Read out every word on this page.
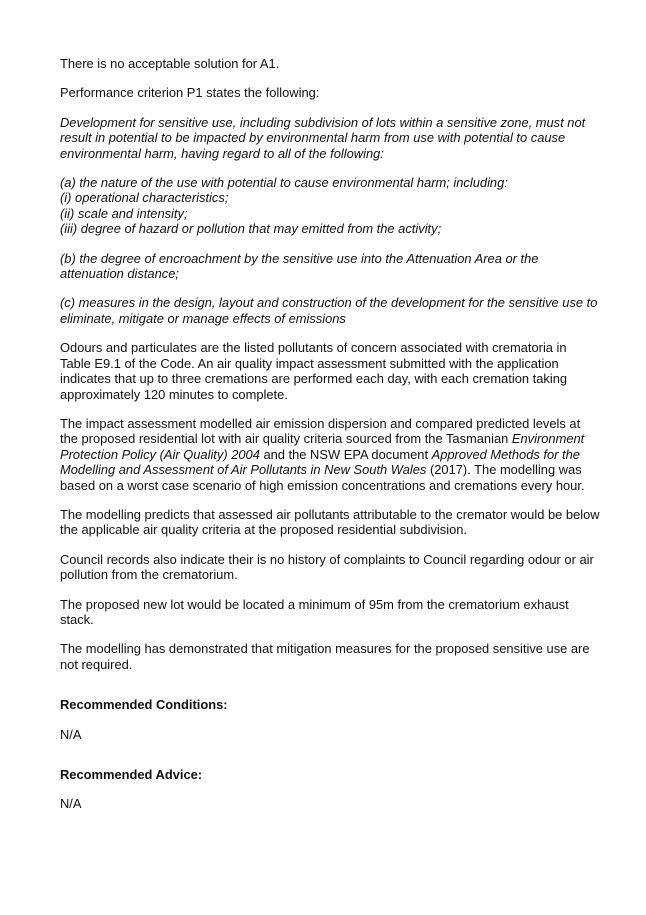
There is no acceptable solution for A1.

Performance criterion P1 states the following:

Development for sensitive use, including subdivision of lots within a sensitive zone, must not result in potential to be impacted by environmental harm from use with potential to cause environmental harm, having regard to all of the following:

(a) the nature of the use with potential to cause environmental harm; including:
(i) operational characteristics;
(ii) scale and intensity;
(iii) degree of hazard or pollution that may emitted from the activity;

(b) the degree of encroachment by the sensitive use into the Attenuation Area or the attenuation distance;

(c) measures in the design, layout and construction of the development for the sensitive use to eliminate, mitigate or manage effects of emissions

Odours and particulates are the listed pollutants of concern associated with crematoria in Table E9.1 of the Code. An air quality impact assessment submitted with the application indicates that up to three cremations are performed each day, with each cremation taking approximately 120 minutes to complete.

The impact assessment modelled air emission dispersion and compared predicted levels at the proposed residential lot with air quality criteria sourced from the Tasmanian Environment Protection Policy (Air Quality) 2004 and the NSW EPA document Approved Methods for the Modelling and Assessment of Air Pollutants in New South Wales (2017). The modelling was based on a worst case scenario of high emission concentrations and cremations every hour.

The modelling predicts that assessed air pollutants attributable to the cremator would be below the applicable air quality criteria at the proposed residential subdivision.

Council records also indicate their is no history of complaints to Council regarding odour or air pollution from the crematorium.

The proposed new lot would be located a minimum of 95m from the crematorium exhaust stack.

The modelling has demonstrated that mitigation measures for the proposed sensitive use are not required.

Recommended Conditions:

N/A

Recommended Advice:

N/A
